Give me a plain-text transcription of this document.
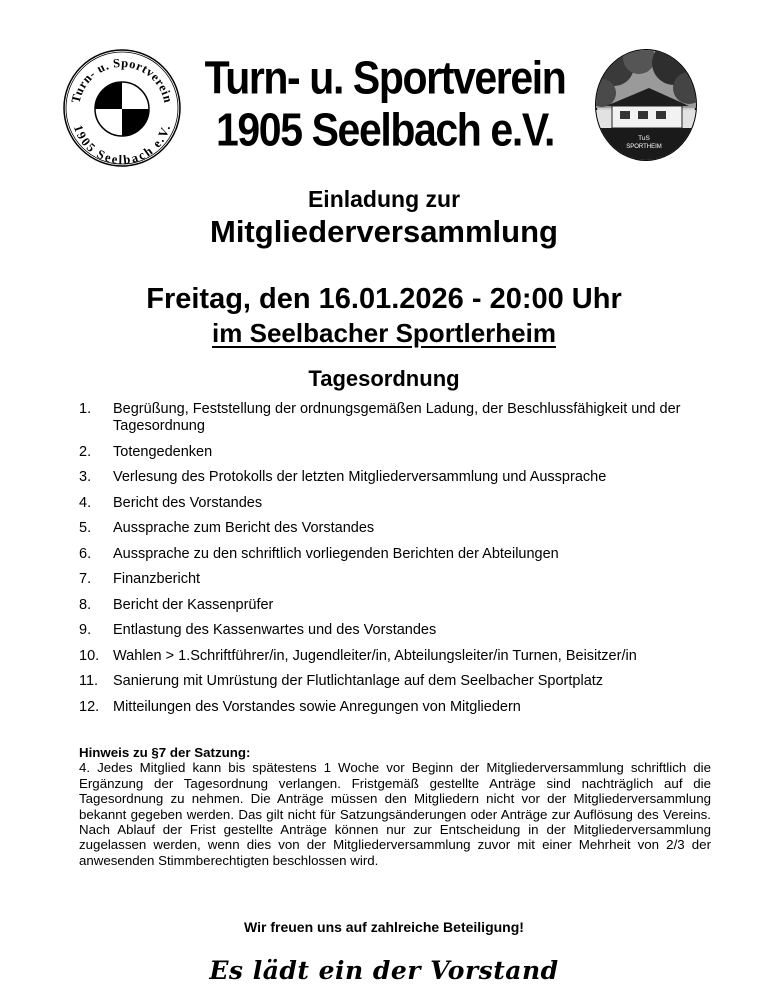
Turn- u. Sportverein
1905 Seelbach e.V.
Turn- u. Sportverein
1905 Seelbach e.V.	TuS
SPORTHEIM
Einladung zur
Mitgliederversammlung
Freitag, den 16.01.2026 - 20:00 Uhr
im Seelbacher Sportlerheim
Tagesordnung
1.	Begrüßung, Feststellung der ordnungsgemäßen Ladung, der Beschlussfähigkeit und der Tagesordnung
2.	Totengedenken
3.	Verlesung des Protokolls der letzten Mitgliederversammlung und Aussprache
4.	Bericht des Vorstandes
5.	Aussprache zum Bericht des Vorstandes
6.	Aussprache zu den schriftlich vorliegenden Berichten der Abteilungen
7.	Finanzbericht
8.	Bericht der Kassenprüfer
9.	Entlastung des Kassenwartes und des Vorstandes
10. Wahlen > 1.Schriftführer/in, Jugendleiter/in, Abteilungsleiter/in Turnen, Beisitzer/in
11.	Sanierung mit Umrüstung der Flutlichtanlage auf dem Seelbacher Sportplatz
12. Mitteilungen des Vorstandes sowie Anregungen von Mitgliedern
Hinweis zu §7 der Satzung:
4. Jedes Mitglied kann bis spätestens 1 Woche vor Beginn der Mitgliederversammlung schriftlich die Ergänzung der Tagesordnung verlangen. Fristgemäß gestellte Anträge sind nachträglich auf die Tagesordnung zu nehmen. Die Anträge müssen den Mitgliedern nicht vor der Mitgliederversammlung bekannt gegeben werden. Das gilt nicht für Satzungsänderungen oder Anträge zur Auflösung des Vereins. Nach Ablauf der Frist gestellte Anträge können nur zur Entscheidung in der Mitgliederversammlung zugelassen werden, wenn dies von der Mitgliederversammlung zuvor mit einer Mehrheit von 2/3 der anwesenden Stimmberechtigten beschlossen wird.
Wir freuen uns auf zahlreiche Beteiligung!
Es lädt ein der Vorstand
